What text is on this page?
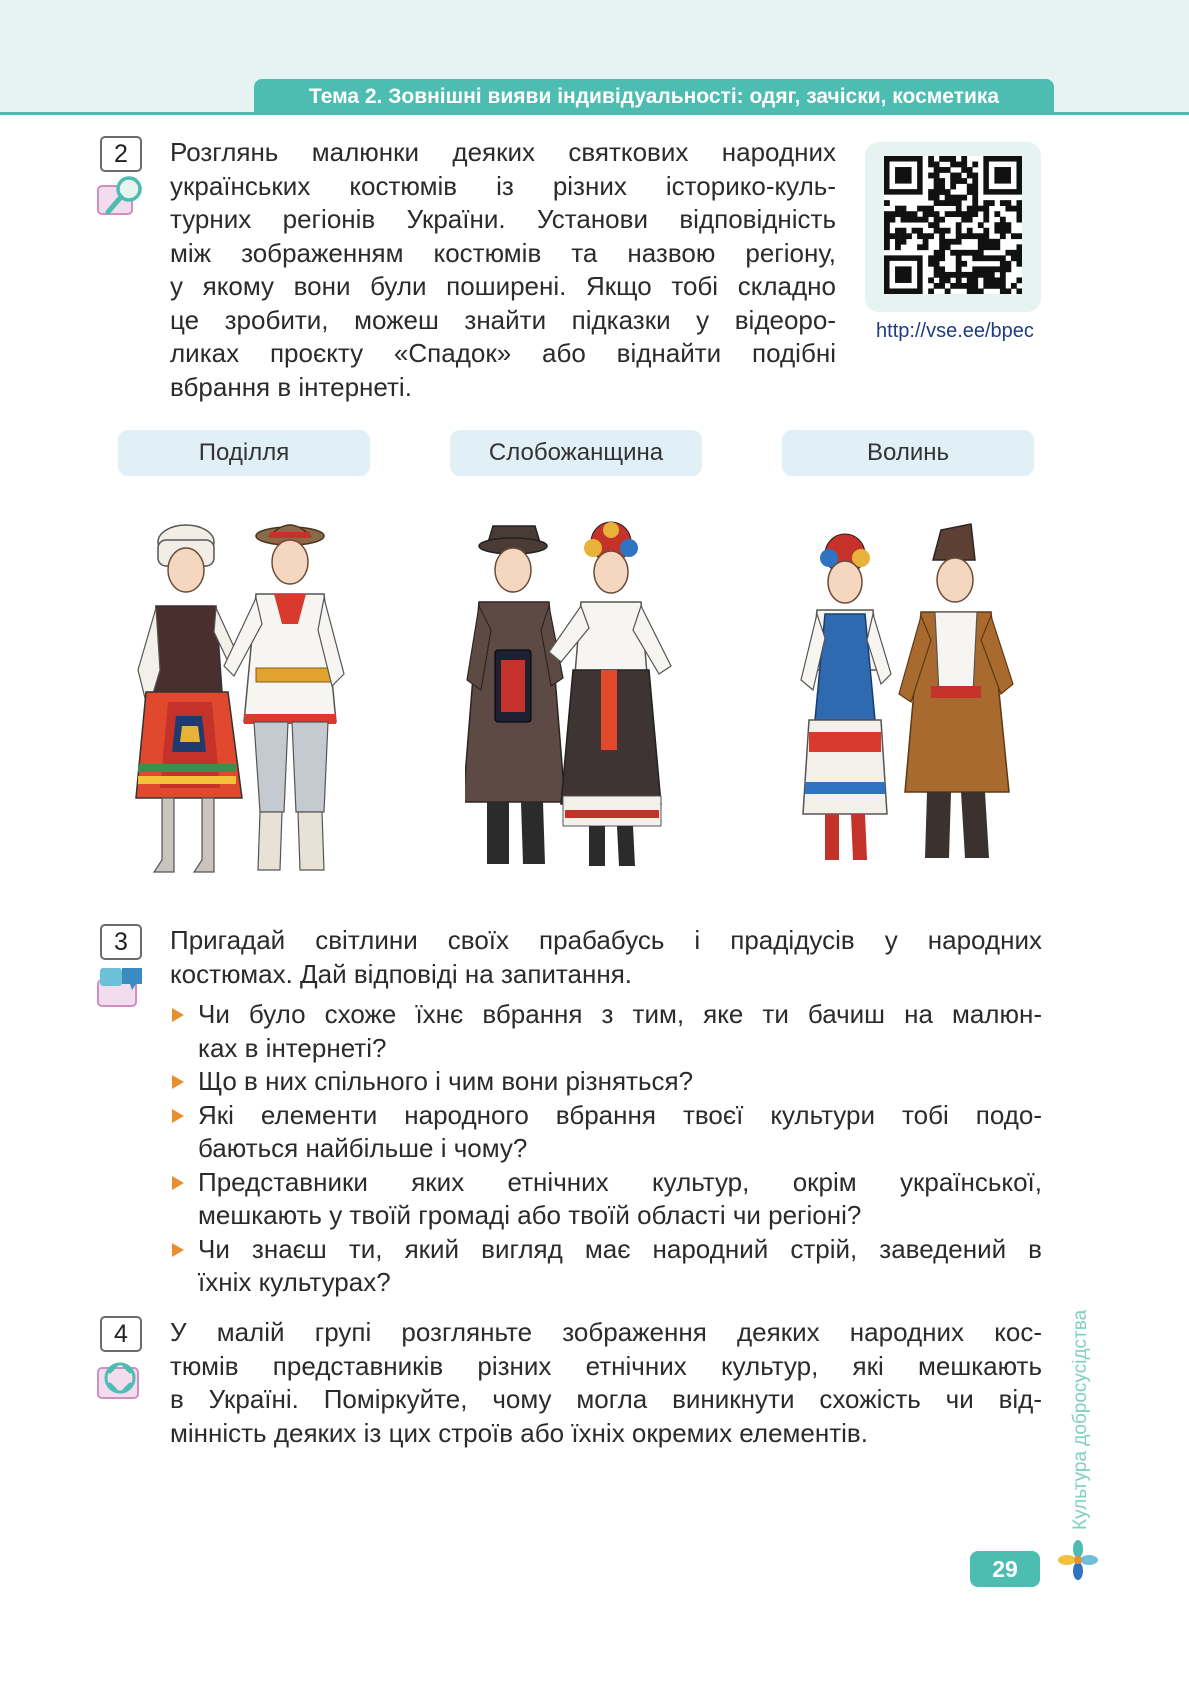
Тема 2. Зовнішні вияви індивідуальності: одяг, зачіски, косметика
2	Розглянь малюнки деяких святкових народних
українських костюмів із різних історико-куль-
турних регіонів України. Установи відповідність
між зображенням костюмів та назвою регіону,
у якому вони були поширені. Якщо тобі складно
це зробити, можеш знайти підказки у відеоро-
ликах проєкту «Спадок» або віднайти подібні
вбрання в інтернеті.
http://vse.ee/bpec
Поділля	Слобожанщина	Волинь
3	Пригадай світлини своїх прабабусь і прадідусів у народних
костюмах. Дай відповіді на запитання.
Чи було схоже їхнє вбрання з тим, яке ти бачиш на малюн-
ках в інтернеті?
Що в них спільного і чим вони різняться?
Які елементи народного вбрання твоєї культури тобі подо-
баються найбільше і чому?
Представники яких етнічних культур, окрім української,
мешкають у твоїй громаді або твоїй області чи регіоні?
Чи знаєш ти, який вигляд має народний стрій, заведений в
їхніх культурах?
4	У малій групі розгляньте зображення деяких народних кос-
тюмів представників різних етнічних культур, які мешкають
в Україні. Поміркуйте, чому могла виникнути схожість чи від-
мінність деяких із цих строїв або їхніх окремих елементів.	Культура добросусідства
29
